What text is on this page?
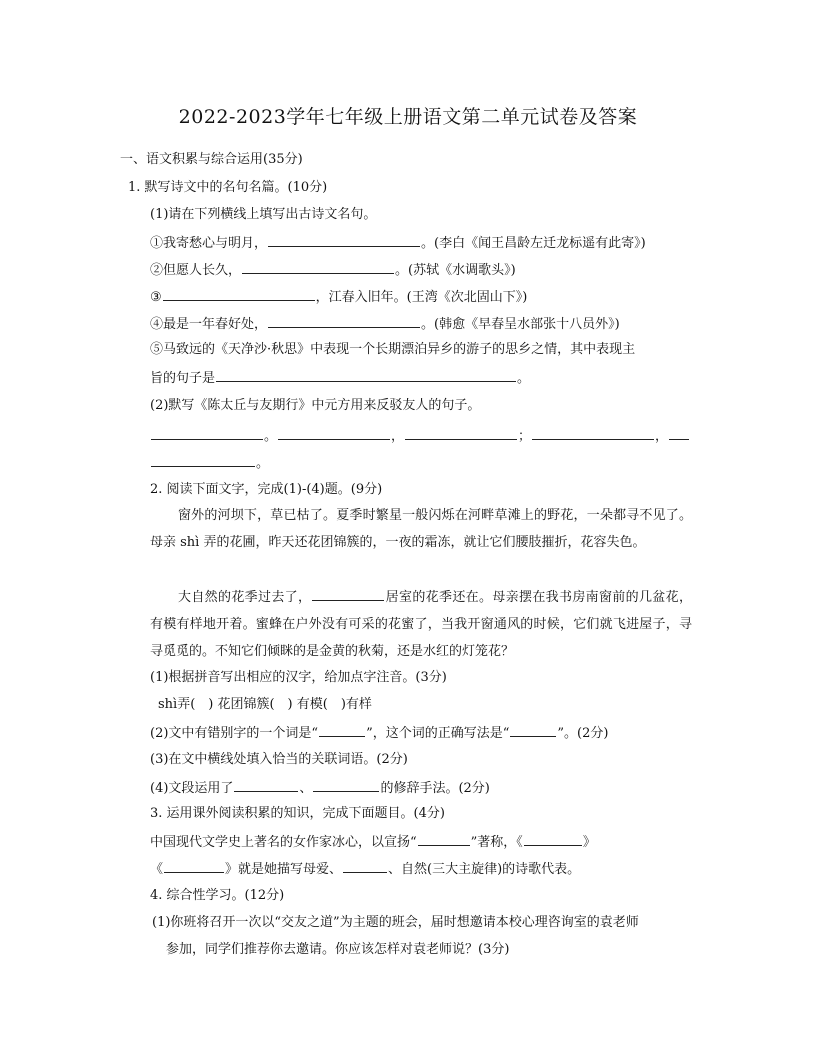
2022-2023学年七年级上册语文第二单元试卷及答案
一、语文积累与综合运用(35分)
1. 默写诗文中的名句名篇。(10分)
(1)请在下列横线上填写出古诗文名句。
①我寄愁心与明月，	。(李白《闻王昌龄左迁龙标遥有此寄》)
②但愿人长久，	。(苏轼《水调歌头》)
③	，江春入旧年。(王湾《次北固山下》)
④最是一年春好处，	。(韩愈《早春呈水部张十八员外》)
⑤马致远的《天净沙·秋思》中表现一个长期漂泊异乡的游子的思乡之情，其中表现主
旨的句子是	。
(2)默写《陈太丘与友期行》中元方用来反驳友人的句子。
。	，	；	，
。
2. 阅读下面文字，完成(1)-(4)题。(9分)
窗外的河坝下，草已枯了。夏季时繁星一般闪烁在河畔草滩上的野花，一朵都寻不见了。母亲 shì 弄的花圃，昨天还花团锦簇的，一夜的霜冻，就让它们腰肢摧折，花容失色。
大自然的花季过去了，	居室的花季还在。母亲摆在我书房南窗前的几盆花，有模有样地开着。蜜蜂在户外没有可采的花蜜了，当我开窗通风的时候，它们就飞进屋子，寻寻觅觅的。不知它们倾眯的是金黄的秋菊，还是水红的灯笼花？
(1)根据拼音写出相应的汉字，给加点字注音。(3分)
shì弄(　) 花团锦簇(　) 有模(　)有样
(2)文中有错别字的一个词是“	”，这个词的正确写法是“	”。(2分)
(3)在文中横线处填入恰当的关联词语。(2分)
(4)文段运用了	、	的修辞手法。(2分)
3. 运用课外阅读积累的知识，完成下面题目。(4分)
中国现代文学史上著名的女作家冰心，以宣扬“	”著称，《	》
《	》就是她描写母爱、	、自然(三大主旋律)的诗歌代表。
4. 综合性学习。(12分)
(1)你班将召开一次以“交友之道”为主题的班会，届时想邀请本校心理咨询室的袁老师
参加，同学们推荐你去邀请。你应该怎样对袁老师说？(3分)
